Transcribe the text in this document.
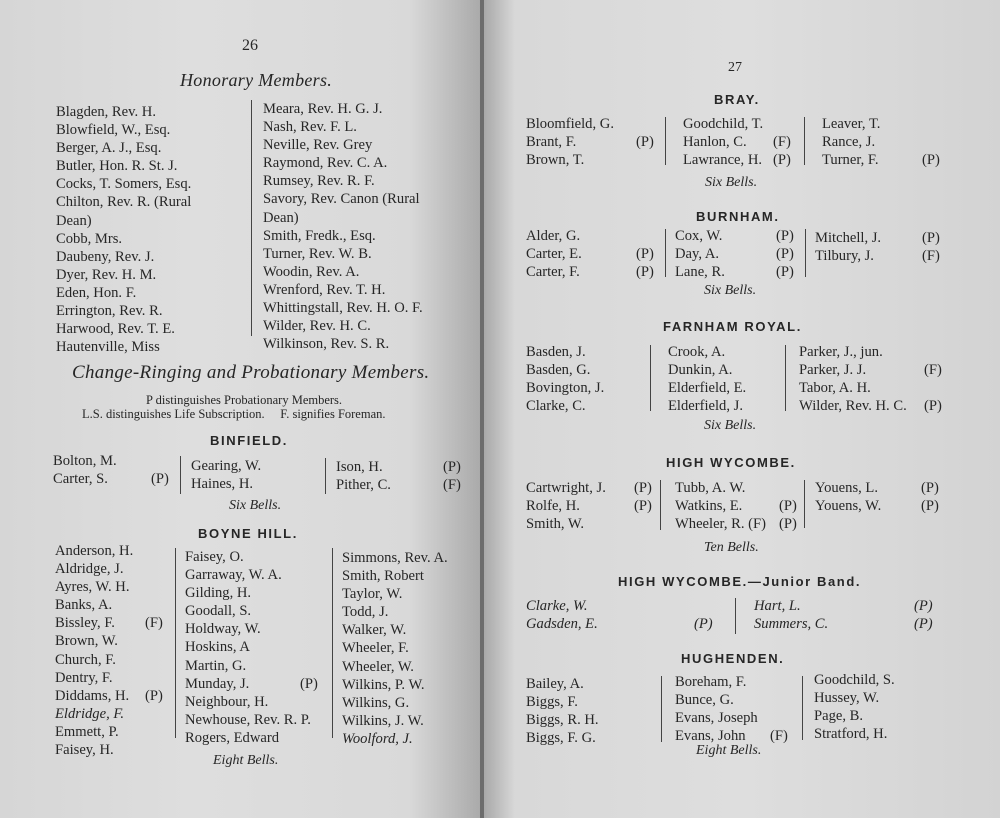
26
Honorary Members.
Blagden, Rev. H.
Blowfield, W., Esq.
Berger, A. J., Esq.
Butler, Hon. R. St. J.
Cocks, T. Somers, Esq.
Chilton, Rev. R. (Rural
Dean)
Cobb, Mrs.
Daubeny, Rev. J.
Dyer, Rev. H. M.
Eden, Hon. F.
Errington, Rev. R.
Harwood, Rev. T. E.
Hautenville, Miss
Meara, Rev. H. G. J.
Nash, Rev. F. L.
Neville, Rev. Grey
Raymond, Rev. C. A.
Rumsey, Rev. R. F.
Savory, Rev. Canon (Rural
Dean)
Smith, Fredk., Esq.
Turner, Rev. W. B.
Woodin, Rev. A.
Wrenford, Rev. T. H.
Whittingstall, Rev. H. O. F.
Wilder, Rev. H. C.
Wilkinson, Rev. S. R.
Change-Ringing and Probationary Members.
P distinguishes Probationary Members.
L.S. distinguishes Life Subscription.     F. signifies Foreman.
BINFIELD.
Bolton, M.
Carter, S.	(P)
Gearing, W.
Haines, H.
Ison, H.	(P)
Pither, C.	(F)
Six Bells.
BOYNE HILL.
Anderson, H.
Aldridge, J.
Ayres, W. H.
Banks, A.
Bissley, F. (F)
Brown, W.
Church, F.
Dentry, F.
Diddams, H. (P)
Eldridge, F.
Emmett, P.
Faisey, H.
Faisey, O.
Garraway, W. A.
Gilding, H.
Goodall, S.
Holdway, W.
Hoskins, A
Martin, G.
Munday, J.	(P)
Neighbour, H.
Newhouse, Rev. R. P.
Rogers, Edward
Simmons, Rev. A.
Smith, Robert
Taylor, W.
Todd, J.
Walker, W.
Wheeler, F.
Wheeler, W.
Wilkins, P. W.
Wilkins, G.
Wilkins, J. W.
Woolford, J.
Eight Bells.
27
BRAY.
Bloomfield, G.
Brant, F.	(P)
Brown, T.
Goodchild, T.
Hanlon, C. (F)
Lawrance, H. (P)
Leaver, T.
Rance, J.
Turner, F.	(P)
Six Bells.
BURNHAM.
Alder, G.
Carter, E.	(P)
Carter, F.	(P)
Cox, W.	(P)
Day, A.	(P)
Lane, R.	(P)
Mitchell, J.	(P)
Tilbury, J.	(F)
Six Bells.
FARNHAM ROYAL.
Basden, J.
Basden, G.
Bovington, J.
Clarke, C.
Crook, A.
Dunkin, A.
Elderfield, E.
Elderfield, J.
Parker, J., jun.
Parker, J. J.	(F)
Tabor, A. H.
Wilder, Rev. H. C. (P)
Six Bells.
HIGH WYCOMBE.
Cartwright, J. (P)
Rolfe, H.	(P)
Smith, W.
Tubb, A. W.
Watkins, E.	(P)
Wheeler, R. (F) (P)
Youens, L.	(P)
Youens, W.	(P)
Ten Bells.
HIGH WYCOMBE.—Junior Band.
Clarke, W.
Gadsden, E.	(P)
Hart, L.	(P)
Summers, C.	(P)
HUGHENDEN.
Bailey, A.
Biggs, F.
Biggs, R. H.
Biggs, F. G.
Boreham, F.
Bunce, G.
Evans, Joseph
Evans, John (F)
Goodchild, S.
Hussey, W.
Page, B.
Stratford, H.
Eight Bells.
